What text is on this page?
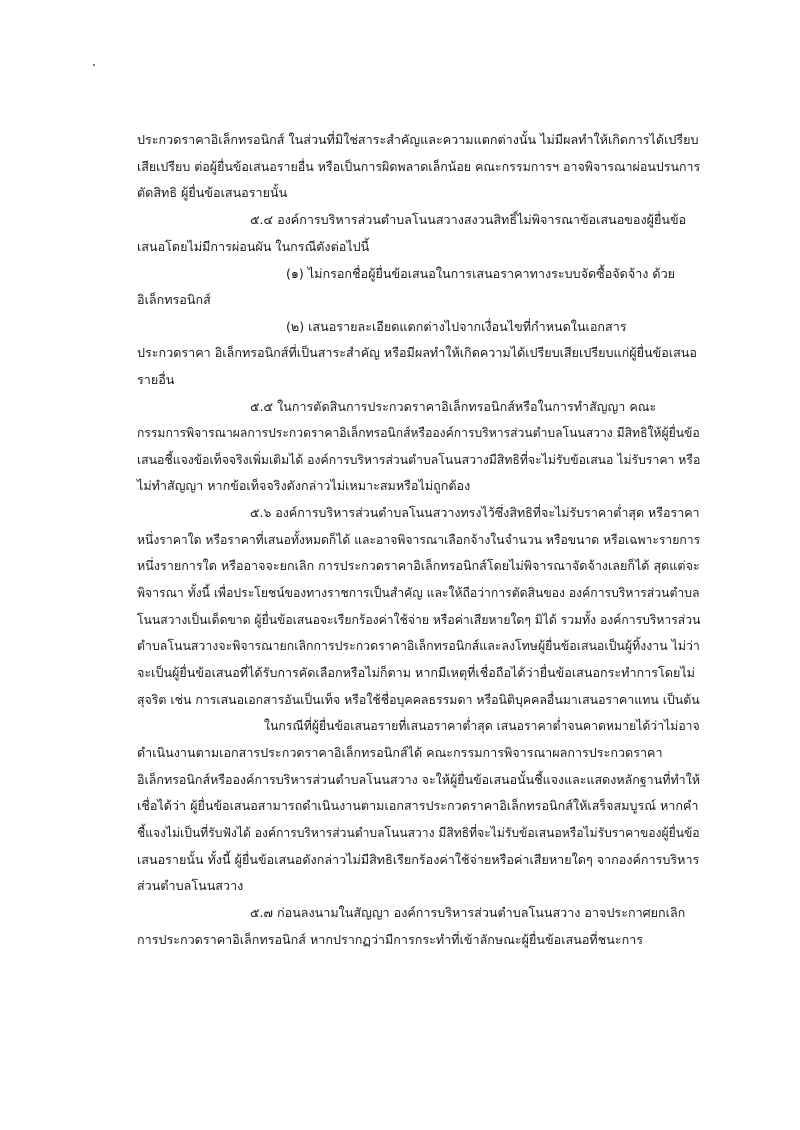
ประกวดราคาอิเล็กทรอนิกส์ ในส่วนที่มิใช่สาระสำคัญและความแตกต่างนั้น ไม่มีผลทำให้เกิดการได้เปรียบ
เสียเปรียบ ต่อผู้ยื่นข้อเสนอรายอื่น หรือเป็นการผิดพลาดเล็กน้อย คณะกรรมการฯ อาจพิจารณาผ่อนปรนการ
ตัดสิทธิ ผู้ยื่นข้อเสนอรายนั้น
๕.๔ องค์การบริหารส่วนตำบลโนนสวางสงวนสิทธิ์ไม่พิจารณาข้อเสนอของผู้ยื่นข้อ
เสนอโดยไม่มีการผ่อนผัน ในกรณีดังต่อไปนี้
(๑) ไม่กรอกชื่อผู้ยื่นข้อเสนอในการเสนอราคาทางระบบจัดซื้อจัดจ้าง ด้วย
อิเล็กทรอนิกส์
(๒) เสนอรายละเอียดแตกต่างไปจากเงื่อนไขที่กำหนดในเอกสาร
ประกวดราคา อิเล็กทรอนิกส์ที่เป็นสาระสำคัญ หรือมีผลทำให้เกิดความได้เปรียบเสียเปรียบแก่ผู้ยื่นข้อเสนอ
รายอื่น
๕.๕ ในการตัดสินการประกวดราคาอิเล็กทรอนิกส์หรือในการทำสัญญา คณะ
กรรมการพิจารณาผลการประกวดราคาอิเล็กทรอนิกส์หรือองค์การบริหารส่วนตำบลโนนสวาง มีสิทธิให้ผู้ยื่นข้อ
เสนอชี้แจงข้อเท็จจริงเพิ่มเติมได้ องค์การบริหารส่วนตำบลโนนสวางมีสิทธิที่จะไม่รับข้อเสนอ ไม่รับราคา หรือ
ไม่ทำสัญญา หากข้อเท็จจริงดังกล่าวไม่เหมาะสมหรือไม่ถูกต้อง
๕.๖ องค์การบริหารส่วนตำบลโนนสวางทรงไว้ซึ่งสิทธิที่จะไม่รับราคาต่ำสุด หรือราคา
หนึ่งราคาใด หรือราคาที่เสนอทั้งหมดก็ได้ และอาจพิจารณาเลือกจ้างในจำนวน หรือขนาด หรือเฉพาะรายการ
หนึ่งรายการใด หรืออาจจะยกเลิก การประกวดราคาอิเล็กทรอนิกส์โดยไม่พิจารณาจัดจ้างเลยก็ได้ สุดแต่จะ
พิจารณา ทั้งนี้ เพื่อประโยชน์ของทางราชการเป็นสำคัญ และให้ถือว่าการตัดสินของ องค์การบริหารส่วนตำบล
โนนสวางเป็นเด็ดขาด ผู้ยื่นข้อเสนอจะเรียกร้องค่าใช้จ่าย หรือค่าเสียหายใดๆ มิได้ รวมทั้ง องค์การบริหารส่วน
ตำบลโนนสวางจะพิจารณายกเลิกการประกวดราคาอิเล็กทรอนิกส์และลงโทษผู้ยื่นข้อเสนอเป็นผู้ทิ้งงาน ไม่ว่า
จะเป็นผู้ยื่นข้อเสนอที่ได้รับการคัดเลือกหรือไม่ก็ตาม หากมีเหตุที่เชื่อถือได้ว่ายื่นข้อเสนอกระทำการโดยไม่
สุจริต เช่น การเสนอเอกสารอันเป็นเท็จ หรือใช้ชื่อบุคคลธรรมดา หรือนิติบุคคลอื่นมาเสนอราคาแทน เป็นต้น
ในกรณีที่ผู้ยื่นข้อเสนอรายที่เสนอราคาต่ำสุด เสนอราคาต่ำจนคาดหมายได้ว่าไม่อาจ
ดำเนินงานตามเอกสารประกวดราคาอิเล็กทรอนิกส์ได้ คณะกรรมการพิจารณาผลการประกวดราคา
อิเล็กทรอนิกส์หรือองค์การบริหารส่วนตำบลโนนสวาง จะให้ผู้ยื่นข้อเสนอนั้นชี้แจงและแสดงหลักฐานที่ทำให้
เชื่อได้ว่า ผู้ยื่นข้อเสนอสามารถดำเนินงานตามเอกสารประกวดราคาอิเล็กทรอนิกส์ให้เสร็จสมบูรณ์ หากคำ
ชี้แจงไม่เป็นที่รับฟังได้ องค์การบริหารส่วนตำบลโนนสวาง มีสิทธิที่จะไม่รับข้อเสนอหรือไม่รับราคาของผู้ยื่นข้อ
เสนอรายนั้น ทั้งนี้ ผู้ยื่นข้อเสนอดังกล่าวไม่มีสิทธิเรียกร้องค่าใช้จ่ายหรือค่าเสียหายใดๆ จากองค์การบริหาร
ส่วนตำบลโนนสวาง
๕.๗ ก่อนลงนามในสัญญา องค์การบริหารส่วนตำบลโนนสวาง อาจประกาศยกเลิก
การประกวดราคาอิเล็กทรอนิกส์ หากปรากฏว่ามีการกระทำที่เข้าลักษณะผู้ยื่นข้อเสนอที่ชนะการ
